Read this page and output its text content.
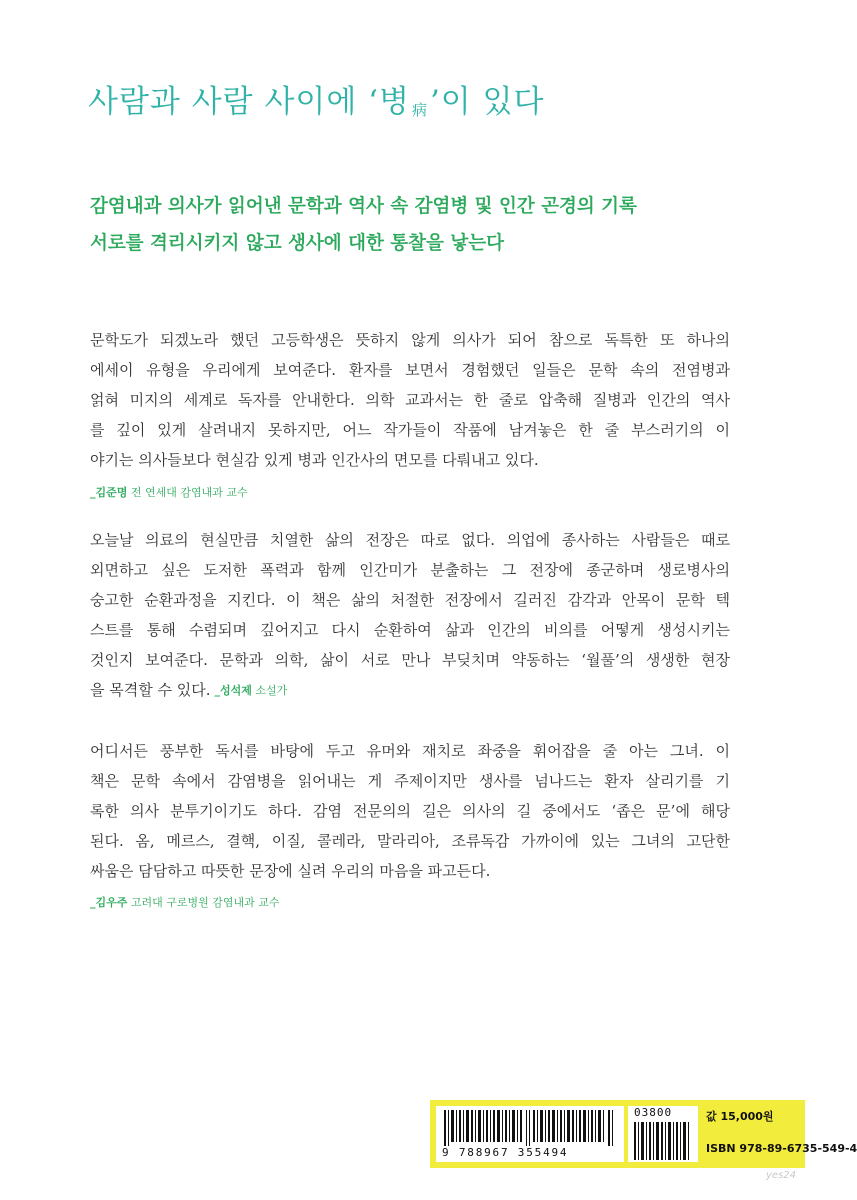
사람과 사람 사이에 ‘병 病’이 있다
감염내과 의사가 읽어낸 문학과 역사 속 감염병 및 인간 곤경의 기록
서로를 격리시키지 않고 생사에 대한 통찰을 낳는다
문학도가 되겠노라 했던 고등학생은 뜻하지 않게 의사가 되어 참으로 독특한 또 하나의
에세이 유형을 우리에게 보여준다. 환자를 보면서 경험했던 일들은 문학 속의 전염병과
얽혀 미지의 세계로 독자를 안내한다. 의학 교과서는 한 줄로 압축해 질병과 인간의 역사
를 깊이 있게 살려내지 못하지만, 어느 작가들이 작품에 남겨놓은 한 줄 부스러기의 이
야기는 의사들보다 현실감 있게 병과 인간사의 면모를 다뤄내고 있다.
_김준명 전 연세대 감염내과 교수
오늘날 의료의 현실만큼 치열한 삶의 전장은 따로 없다. 의업에 종사하는 사람들은 때로
외면하고 싶은 도저한 폭력과 함께 인간미가 분출하는 그 전장에 종군하며 생로병사의
숭고한 순환과정을 지킨다. 이 책은 삶의 처절한 전장에서 길러진 감각과 안목이 문학 텍
스트를 통해 수렴되며 깊어지고 다시 순환하여 삶과 인간의 비의를 어떻게 생성시키는
것인지 보여준다. 문학과 의학, 삶이 서로 만나 부딪치며 약동하는 ‘월풀’의 생생한 현장
을 목격할 수 있다. _성석제 소설가
어디서든 풍부한 독서를 바탕에 두고 유머와 재치로 좌중을 휘어잡을 줄 아는 그녀. 이
책은 문학 속에서 감염병을 읽어내는 게 주제이지만 생사를 넘나드는 환자 살리기를 기
록한 의사 분투기이기도 하다. 감염 전문의의 길은 의사의 길 중에서도 ‘좁은 문’에 해당
된다. 옴, 메르스, 결핵, 이질, 콜레라, 말라리아, 조류독감 가까이에 있는 그녀의 고단한
싸움은 담담하고 따뜻한 문장에 실려 우리의 마음을 파고든다.
_김우주 고려대 구로병원 감염내과 교수
9 788967 355494
03800	값 15,000원
ISBN 978-89-6735-549-4
yes24
